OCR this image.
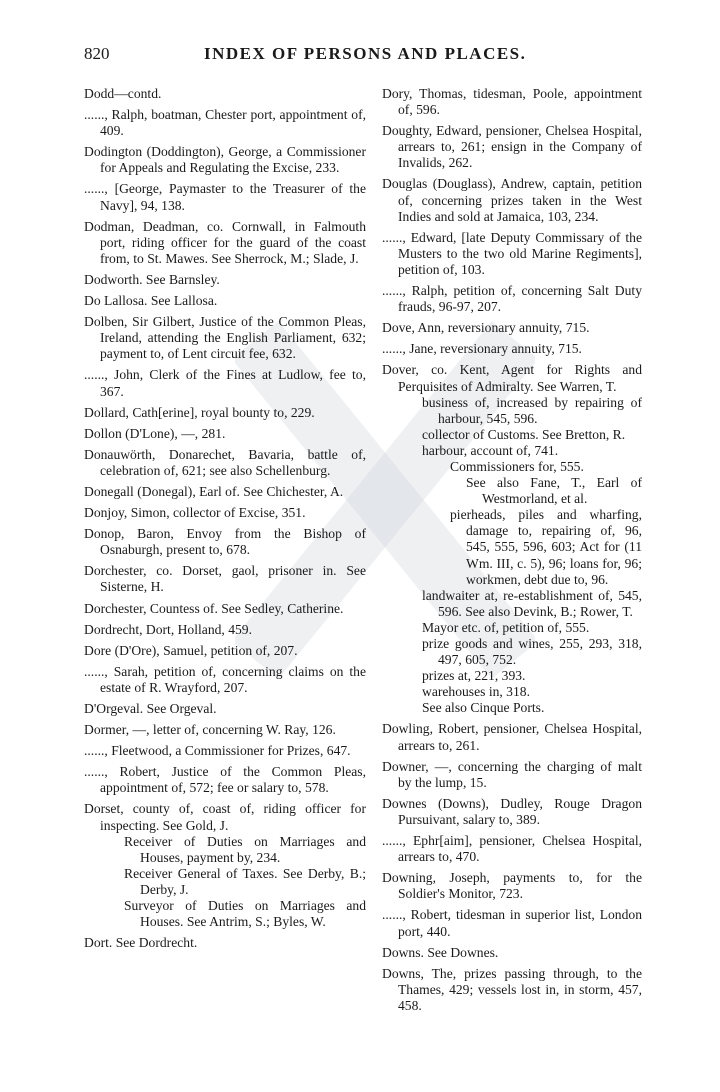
820	INDEX OF PERSONS AND PLACES.

Dodd—contd.

......, Ralph, boatman, Chester port, appointment of, 409.

Dodington (Doddington), George, a Commissioner for Appeals and Regulating the Excise, 233.

......, [George, Paymaster to the Treasurer of the Navy], 94, 138.

Dodman, Deadman, co. Cornwall, in Falmouth port, riding officer for the guard of the coast from, to St. Mawes. See Sherrock, M.; Slade, J.

Dodworth. See Barnsley.

Do Lallosa. See Lallosa.

Dolben, Sir Gilbert, Justice of the Common Pleas, Ireland, attending the English Parliament, 632; payment to, of Lent circuit fee, 632.

......, John, Clerk of the Fines at Ludlow, fee to, 367.

Dollard, Cath[erine], royal bounty to, 229.

Dollon (D'Lone), —, 281.

Donauwörth, Donarechet, Bavaria, battle of, celebration of, 621; see also Schellenburg.

Donegall (Donegal), Earl of. See Chichester, A.

Donjoy, Simon, collector of Excise, 351.

Donop, Baron, Envoy from the Bishop of Osnaburgh, present to, 678.

Dorchester, co. Dorset, gaol, prisoner in. See Sisterne, H.

Dorchester, Countess of. See Sedley, Catherine.

Dordrecht, Dort, Holland, 459.

Dore (D'Ore), Samuel, petition of, 207.

......, Sarah, petition of, concerning claims on the estate of R. Wrayford, 207.

D'Orgeval. See Orgeval.

Dormer, —, letter of, concerning W. Ray, 126.

......, Fleetwood, a Commissioner for Prizes, 647.

......, Robert, Justice of the Common Pleas, appointment of, 572; fee or salary to, 578.

Dorset, county of, coast of, riding officer for inspecting. See Gold, J.

Receiver of Duties on Marriages and Houses, payment by, 234.

Receiver General of Taxes. See Derby, B.; Derby, J.

Surveyor of Duties on Marriages and Houses. See Antrim, S.; Byles, W.

Dort. See Dordrecht.

Dory, Thomas, tidesman, Poole, appointment of, 596.

Doughty, Edward, pensioner, Chelsea Hospital, arrears to, 261; ensign in the Company of Invalids, 262.

Douglas (Douglass), Andrew, captain, petition of, concerning prizes taken in the West Indies and sold at Jamaica, 103, 234.

......, Edward, [late Deputy Commissary of the Musters to the two old Marine Regiments], petition of, 103.

......, Ralph, petition of, concerning Salt Duty frauds, 96-97, 207.

Dove, Ann, reversionary annuity, 715.

......, Jane, reversionary annuity, 715.

Dover, co. Kent, Agent for Rights and Perquisites of Admiralty. See Warren, T.

business of, increased by repairing of harbour, 545, 596.

collector of Customs. See Bretton, R.

harbour, account of, 741.

Commissioners for, 555.

See also Fane, T., Earl of Westmorland, et al.

pierheads, piles and wharfing, damage to, repairing of, 96, 545, 555, 596, 603; Act for (11 Wm. III, c. 5), 96; loans for, 96; workmen, debt due to, 96.

landwaiter at, re-establishment of, 545, 596. See also Devink, B.; Rower, T.

Mayor etc. of, petition of, 555.

prize goods and wines, 255, 293, 318, 497, 605, 752.

prizes at, 221, 393.

warehouses in, 318.

See also Cinque Ports.

Dowling, Robert, pensioner, Chelsea Hospital, arrears to, 261.

Downer, —, concerning the charging of malt by the lump, 15.

Downes (Downs), Dudley, Rouge Dragon Pursuivant, salary to, 389.

......, Ephr[aim], pensioner, Chelsea Hospital, arrears to, 470.

Downing, Joseph, payments to, for the Soldier's Monitor, 723.

......, Robert, tidesman in superior list, London port, 440.

Downs. See Downes.

Downs, The, prizes passing through, to the Thames, 429; vessels lost in, in storm, 457, 458.
